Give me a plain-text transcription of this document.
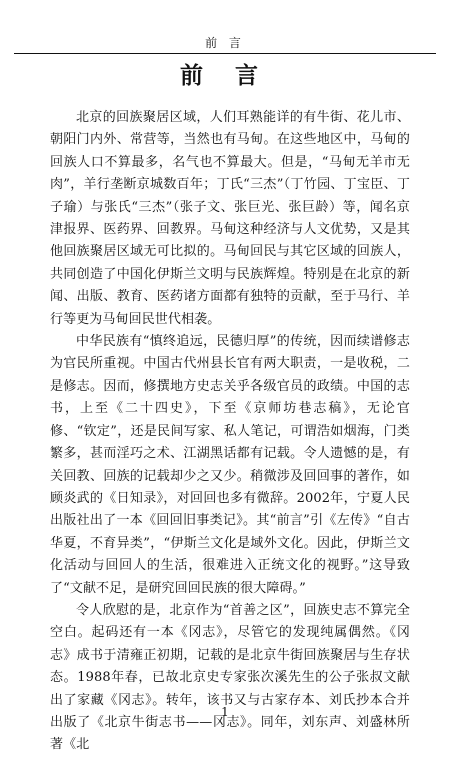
前 言
前 言

北京的回族聚居区域，人们耳熟能详的有牛街、花儿市、朝阳门内外、常营等，当然也有马甸。在这些地区中，马甸的回族人口不算最多，名气也不算最大。但是，“马甸无羊市无肉”，羊行垄断京城数百年；丁氏“三杰”（丁竹园、丁宝臣、丁子瑜）与张氏“三杰”（张子文、张巨光、张巨龄）等，闻名京津报界、医药界、回教界。马甸这种经济与人文优势，又是其他回族聚居区域无可比拟的。马甸回民与其它区域的回族人，共同创造了中国化伊斯兰文明与民族辉煌。特别是在北京的新闻、出版、教育、医药诸方面都有独特的贡献，至于马行、羊行等更为马甸回民世代相袭。

中华民族有“慎终追远，民德归厚”的传统，因而续谱修志为官民所重视。中国古代州县长官有两大职责，一是收税，二是修志。因而，修撰地方史志关乎各级官员的政绩。中国的志书，上至《二十四史》，下至《京师坊巷志稿》，无论官修、“钦定”，还是民间写家、私人笔记，可谓浩如烟海，门类繁多，甚而淫巧之术、江湖黑话都有记载。令人遗憾的是，有关回教、回族的记载却少之又少。稍微涉及回回事的著作，如顾炎武的《日知录》，对回回也多有微辞。2002年，宁夏人民出版社出了一本《回回旧事类记》。其“前言”引《左传》“自古华夏，不育异类”，“伊斯兰文化是域外文化。因此，伊斯兰文化活动与回回人的生活，很难进入正统文化的视野。”这导致了“文献不足，是研究回回民族的很大障碍。”

令人欣慰的是，北京作为“首善之区”，回族史志不算完全空白。起码还有一本《冈志》，尽管它的发现纯属偶然。《冈志》成书于清雍正初期，记载的是北京牛街回族聚居与生存状态。1988年春，已故北京史专家张次溪先生的公子张叔文献出了家藏《冈志》。转年，该书又与古家存本、刘氏抄本合并出版了《北京牛街志书——冈志》。同年，刘东声、刘盛林所著《北

1
